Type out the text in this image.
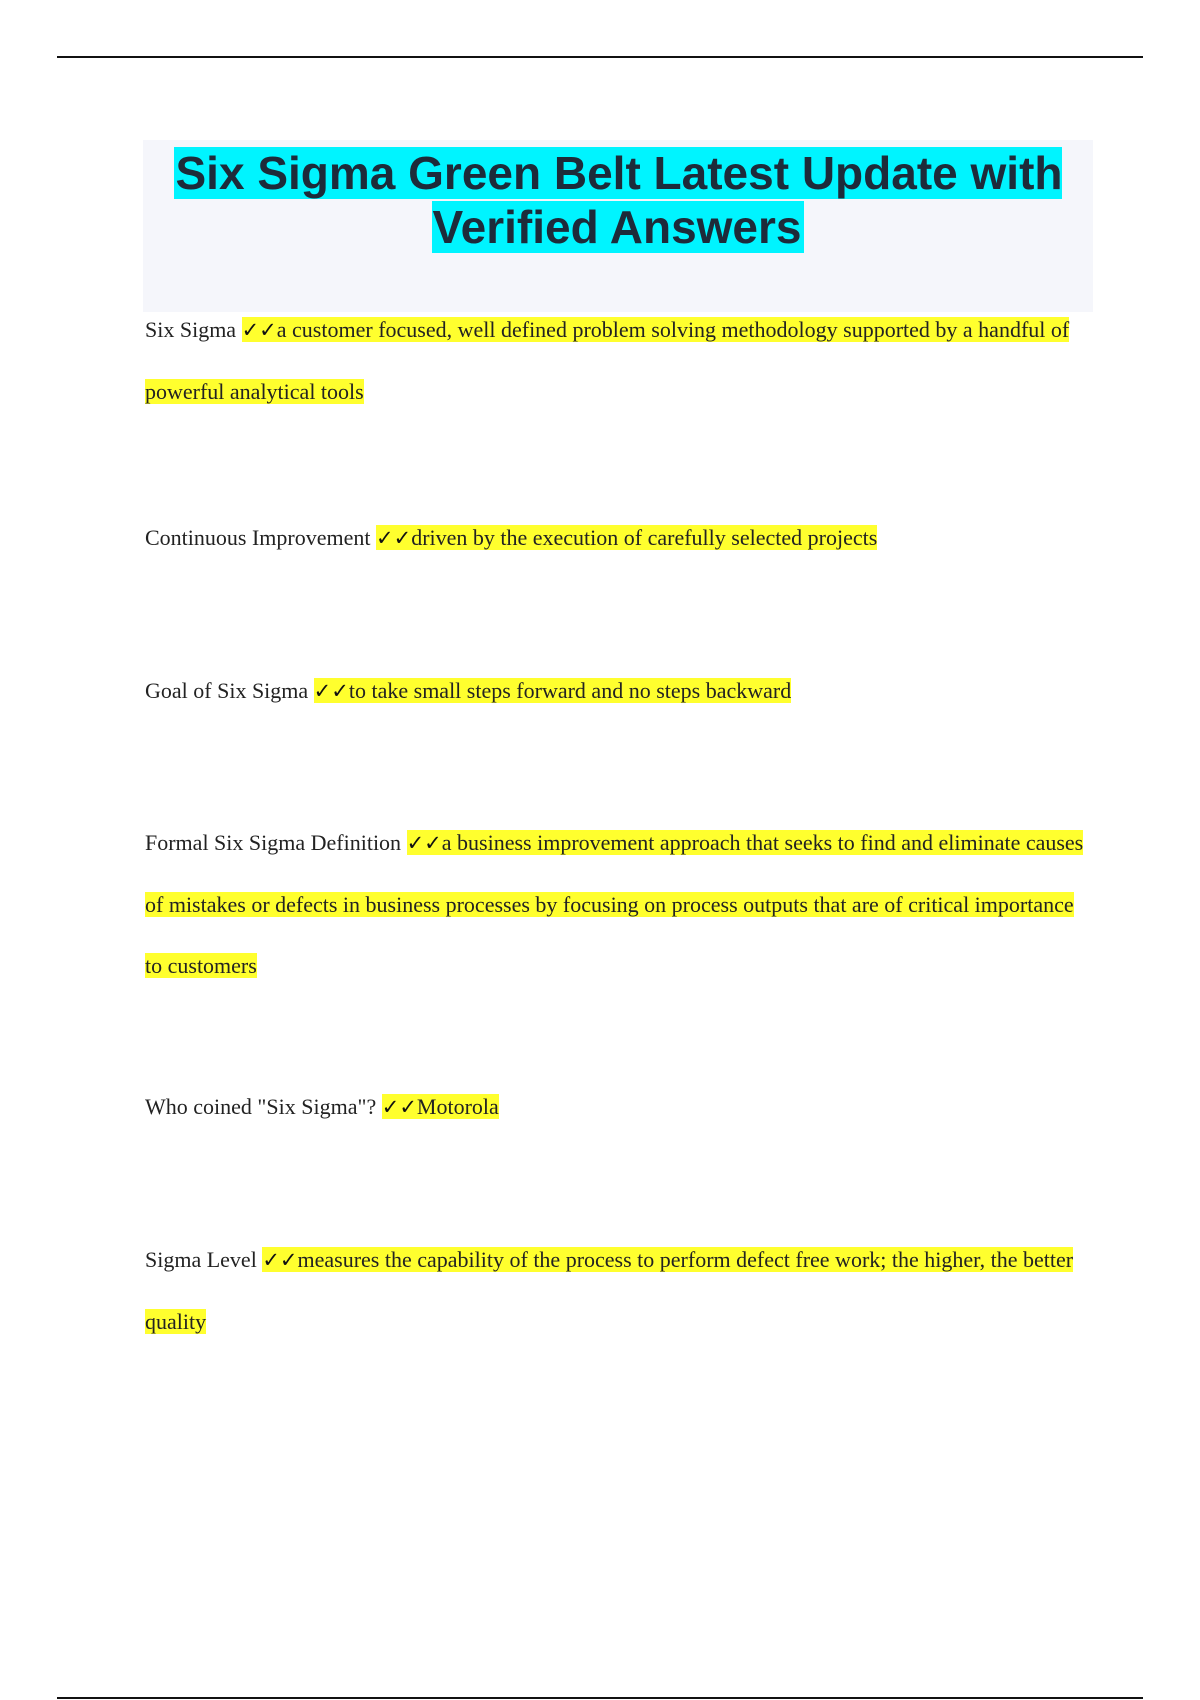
Six Sigma Green Belt Latest Update with Verified Answers

Six Sigma ✓✓a customer focused, well defined problem solving methodology supported by a handful of powerful analytical tools

Continuous Improvement ✓✓driven by the execution of carefully selected projects

Goal of Six Sigma ✓✓to take small steps forward and no steps backward

Formal Six Sigma Definition ✓✓a business improvement approach that seeks to find and eliminate causes of mistakes or defects in business processes by focusing on process outputs that are of critical importance to customers

Who coined "Six Sigma"? ✓✓Motorola

Sigma Level ✓✓measures the capability of the process to perform defect free work; the higher, the better quality
